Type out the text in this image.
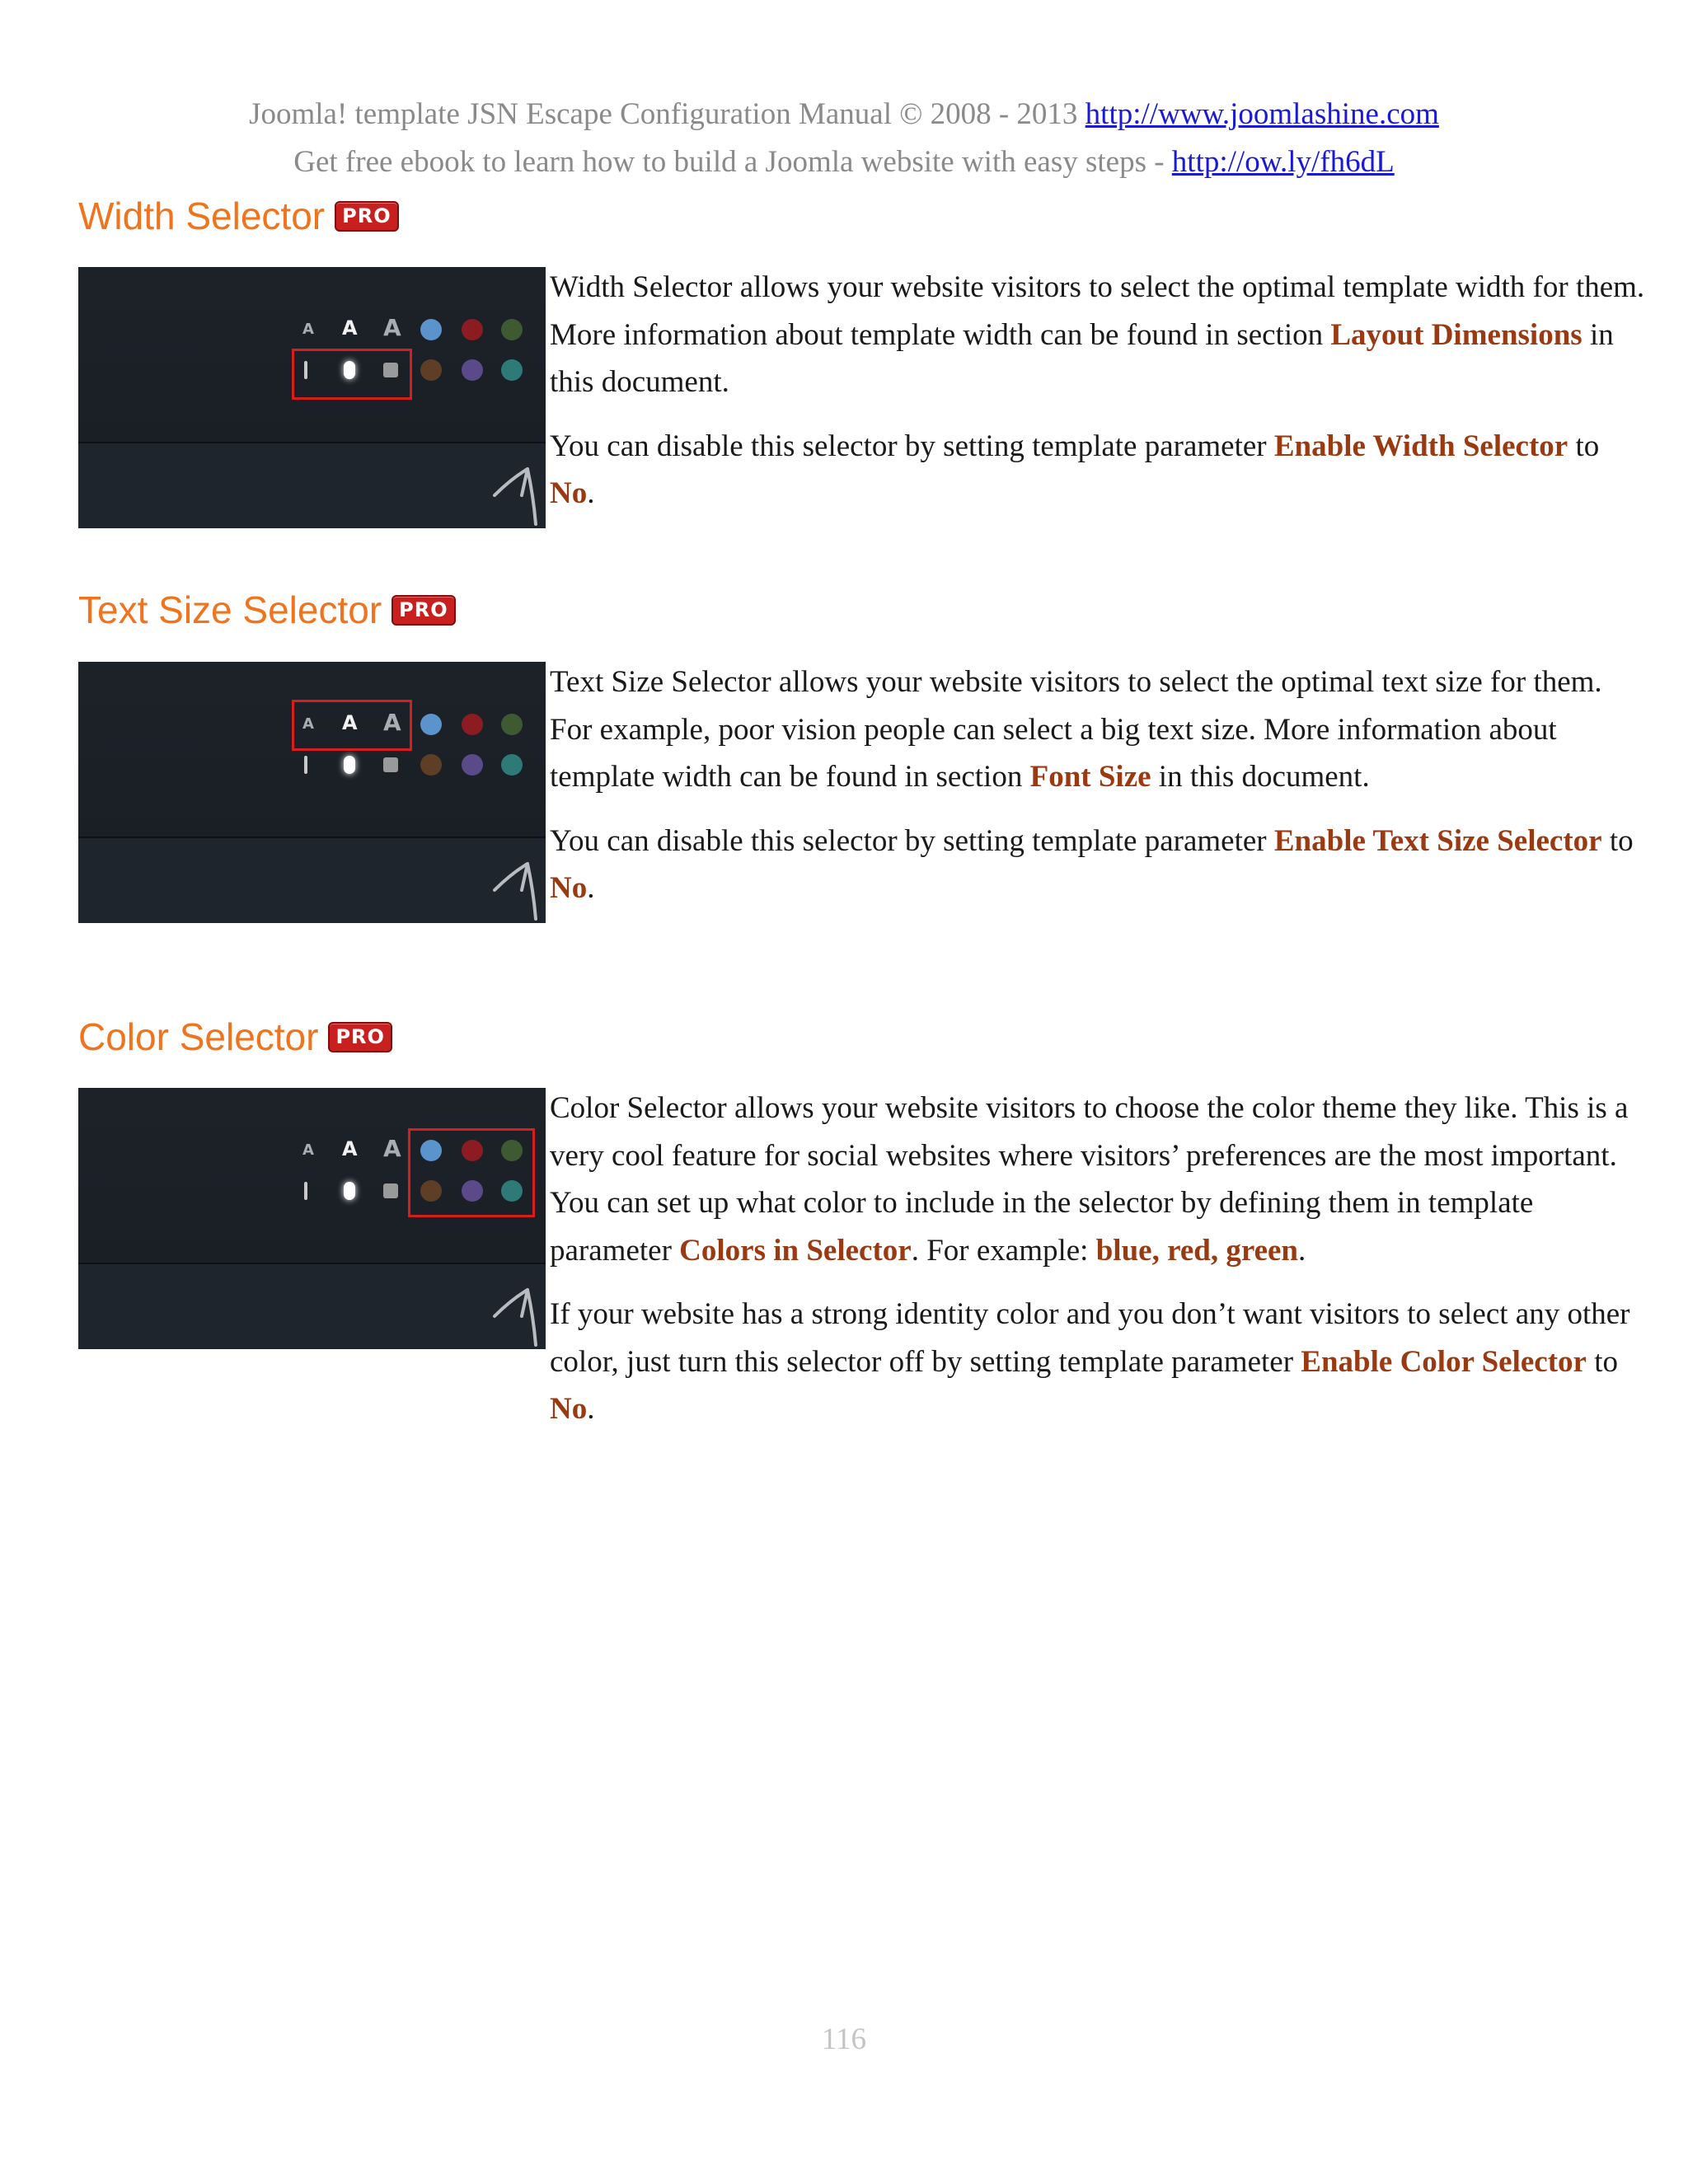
Joomla! template JSN Escape Configuration Manual © 2008 - 2013 http://www.joomlashine.com
Get free ebook to learn how to build a Joomla website with easy steps - http://ow.ly/fh6dL
Width Selector PRO
A A A

Width Selector allows your website visitors to select the optimal template width for them. More information about template width can be found in section Layout Dimensions in this document.

You can disable this selector by setting template parameter Enable Width Selector to No.

Text Size Selector PRO
A A A

Text Size Selector allows your website visitors to select the optimal text size for them. For example, poor vision people can select a big text size. More information about template width can be found in section Font Size in this document.

You can disable this selector by setting template parameter Enable Text Size Selector to No.

Color Selector PRO
A A A

Color Selector allows your website visitors to choose the color theme they like. This is a very cool feature for social websites where visitors’ preferences are the most important. You can set up what color to include in the selector by defining them in template parameter Colors in Selector. For example: blue, red, green.

If your website has a strong identity color and you don’t want visitors to select any other color, just turn this selector off by setting template parameter Enable Color Selector to No.

116
